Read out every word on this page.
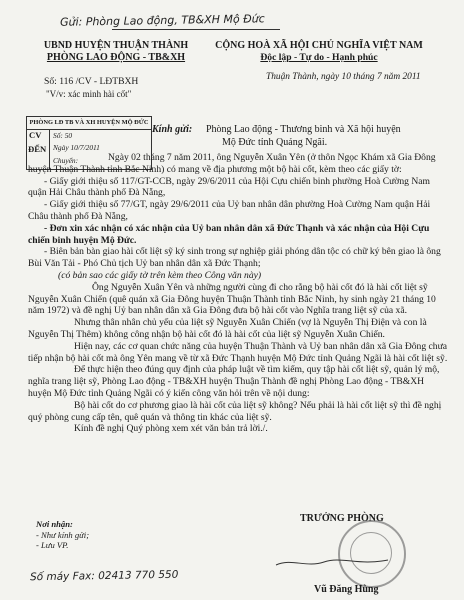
Gửi: Phòng Lao động, TB&XH Mộ Đức
UBND HUYỆN THUẬN THÀNH
PHÒNG LAO ĐỘNG - TB&XH
Số: 116 /CV - LĐTBXH
"V/v: xác minh hài cốt"
CỘNG HOÀ XÃ HỘI CHỦ NGHĨA VIỆT NAM
Độc lập - Tự do - Hạnh phúc
Thuận Thành, ngày 10 tháng 7 năm 2011
PHÒNG LĐ TB VÀ XH HUYỆN MỘ ĐỨC
CV
ĐẾN
Số: 50
Ngày 10/7/2011
Chuyển:
Kính gửi: Phòng Lao động - Thương binh và Xã hội huyện
Mộ Đức tỉnh Quảng Ngãi.

Ngày 02 tháng 7 năm 2011, ông Nguyễn Xuân Yên (ở thôn Ngọc Khám xã Gia Đông huyện Thuận Thành tỉnh Bắc Ninh) có mang về địa phương một bộ hài cốt, kèm theo các giấy tờ:

- Giấy giới thiệu số 117/GT-CCB, ngày 29/6/2011 của Hội Cựu chiến binh phường Hoà Cường Nam quận Hải Châu thành phố Đà Nẵng,

- Giấy giới thiệu số 77/GT, ngày 29/6/2011 của Uỷ ban nhân dân phường Hoà Cường Nam quận Hải Châu thành phố Đà Nẵng,

- Đơn xin xác nhận có xác nhận của Uỷ ban nhân dân xã Đức Thạnh và xác nhận của Hội Cựu chiến binh huyện Mộ Đức.

- Biên bản bàn giao hài cốt liệt sỹ ký sinh trong sự nghiệp giải phóng dân tộc có chữ ký bên giao là ông Bùi Văn Tải - Phó Chủ tịch Uỷ ban nhân dân xã Đức Thạnh;

(có bản sao các giấy tờ trên kèm theo Công văn này)

Ông Nguyễn Xuân Yên và những người cùng đi cho rằng bộ hài cốt đó là hài cốt liệt sỹ Nguyễn Xuân Chiến (quê quán xã Gia Đông huyện Thuận Thành tỉnh Bắc Ninh, hy sinh ngày 21 tháng 10 năm 1972) và đề nghị Uỷ ban nhân dân xã Gia Đông đưa bộ hài cốt vào Nghĩa trang liệt sỹ của xã.

Nhưng thân nhân chủ yếu của liệt sỹ Nguyễn Xuân Chiến (vợ là Nguyễn Thị Điện và con là Nguyễn Thị Thêm) không công nhận bộ hài cốt đó là hài cốt của liệt sỹ Nguyễn Xuân Chiến.

Hiện nay, các cơ quan chức năng của huyện Thuận Thành và Uỷ ban nhân dân xã Gia Đông chưa tiếp nhận bộ hài cốt mà ông Yên mang về từ xã Đức Thạnh huyện Mộ Đức tỉnh Quảng Ngãi là hài cốt liệt sỹ.

Để thực hiện theo đúng quy định của pháp luật về tìm kiếm, quy tập hài cốt liệt sỹ, quản lý mộ, nghĩa trang liệt sỹ, Phòng Lao động - TB&XH huyện Thuận Thành đề nghị Phòng Lao động - TB&XH huyện Mộ Đức tỉnh Quảng Ngãi có ý kiến công văn hỏi trên về nội dung:

Bộ hài cốt do cơ phương giao là hài cốt của liệt sỹ không? Nếu phải là hài cốt liệt sỹ thì đề nghị quý phòng cung cấp tên, quê quán và thông tin khác của liệt sỹ.

Kính đề nghị Quý phòng xem xét văn bản trả lời./.

Nơi nhận:
- Như kính gửi;
- Lưu VP.
Số máy Fax: 02413 770 550
TRƯỞNG PHÒNG
Vũ Đăng Hùng
